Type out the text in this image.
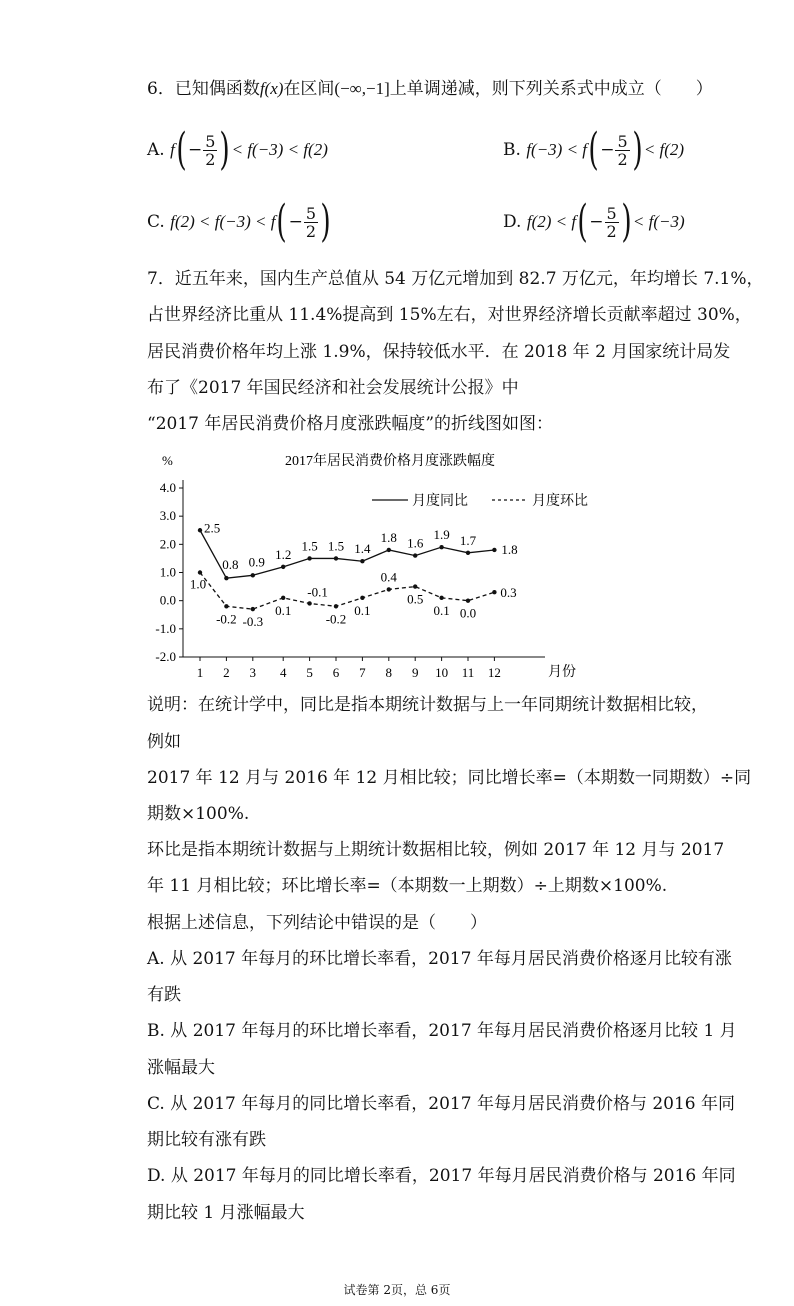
6．已知偶函数f(x)在区间(−∞,−1]上单调递减，则下列关系式中成立（　　）
A.
f ( − $\frac{5}{2}$ ) < f(−3) < f(2)	B.
f(−3) < f ( − $\frac{5}{2}$ ) < f(2)
C.
f(2) < f(−3) < f ( − $\frac{5}{2}$ )	D.
f(2) < f ( − $\frac{5}{2}$ ) < f(−3)
7．近五年来，国内生产总值从 54 万亿元增加到 82.7 万亿元，年均增长 7.1%，
占世界经济比重从 11.4%提高到 15%左右，对世界经济增长贡献率超过 30%，
居民消费价格年均上涨 1.9%，保持较低水平．在 2018 年 2 月国家统计局发
布了《2017 年国民经济和社会发展统计公报》中
“2017 年居民消费价格月度涨跌幅度”的折线图如图：
2017年居民消费价格月度涨跌幅度
%
月份
月度同比	月度环比
4.0
3.0
2.0
1.0
0.0
-1.0
-2.0
1 2 3 4 5 6 7 8 9 10 11 12
2.5
0.8 0.9 1.2
1.5 1.5 1.4
1.8 1.6
1.9 1.7
1.8
1.0
-0.2 -0.3
0.1
-0.1
-0.2
0.1
0.4
0.5
0.1 0.0
0.3
说明：在统计学中，同比是指本期统计数据与上一年同期统计数据相比较，
例如
2017 年 12 月与 2016 年 12 月相比较；同比增长率=（本期数一同期数）÷同
期数×100%.
环比是指本期统计数据与上期统计数据相比较，例如 2017 年 12 月与 2017
年 11 月相比较；环比增长率=（本期数一上期数）÷上期数×100%.
根据上述信息，下列结论中错误的是（　　）
A. 从 2017 年每月的环比增长率看，2017 年每月居民消费价格逐月比较有涨
有跌
B. 从 2017 年每月的环比增长率看，2017 年每月居民消费价格逐月比较 1 月
涨幅最大
C. 从 2017 年每月的同比增长率看，2017 年每月居民消费价格与 2016 年同
期比较有涨有跌
D. 从 2017 年每月的同比增长率看，2017 年每月居民消费价格与 2016 年同
期比较 1 月涨幅最大
试卷第 2页，总 6页
